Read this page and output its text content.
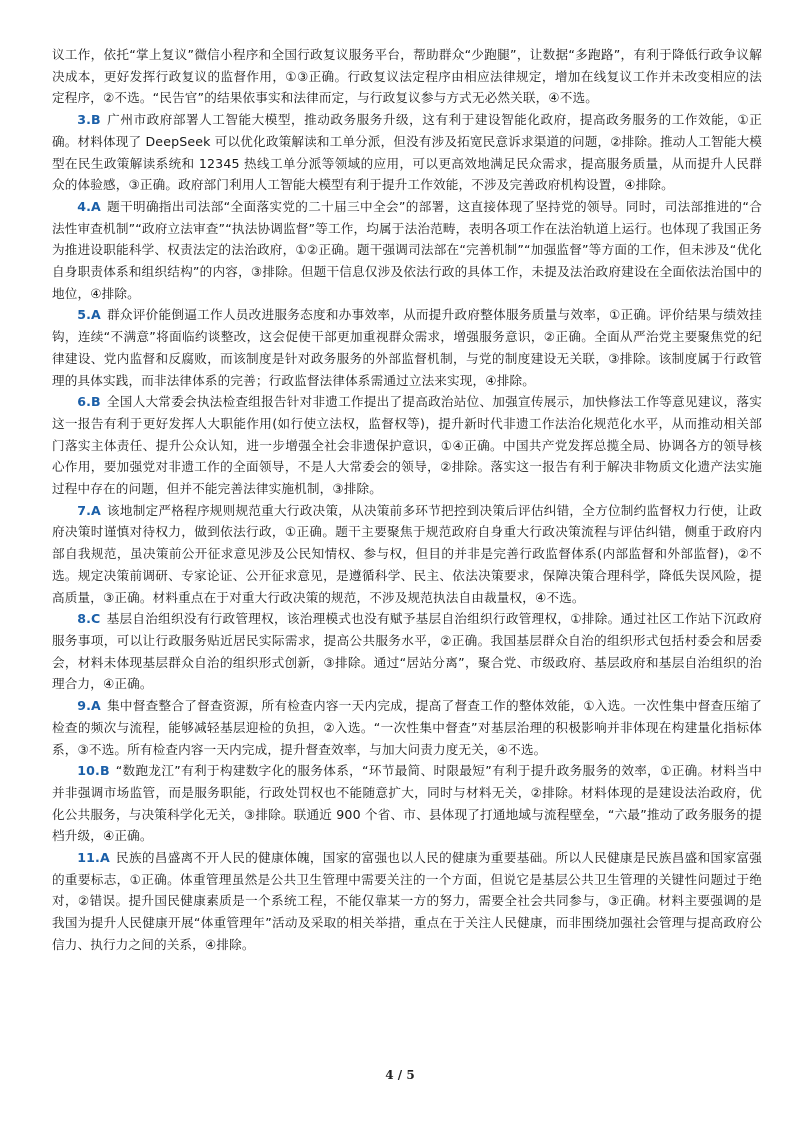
议工作，依托“掌上复议”微信小程序和全国行政复议服务平台，帮助群众“少跑腿”，让数据“多跑路”，有利于降低行政争议解决成本，更好发挥行政复议的监督作用，①③正确。行政复议法定程序由相应法律规定，增加在线复议工作并未改变相应的法定程序，②不选。“民告官”的结果依事实和法律而定，与行政复议参与方式无必然关联，④不选。

3.B 广州市政府部署人工智能大模型，推动政务服务升级，这有利于建设智能化政府，提高政务服务的工作效能，①正确。材料体现了 DeepSeek 可以优化政策解读和工单分派，但没有涉及拓宽民意诉求渠道的问题，②排除。推动人工智能大模型在民生政策解读系统和 12345 热线工单分派等领域的应用，可以更高效地满足民众需求，提高服务质量，从而提升人民群众的体验感，③正确。政府部门利用人工智能大模型有利于提升工作效能，不涉及完善政府机构设置，④排除。

4.A 题干明确指出司法部“全面落实党的二十届三中全会”的部署，这直接体现了坚持党的领导。同时，司法部推进的“合法性审查机制”“政府立法审查”“执法协调监督”等工作，均属于法治范畴，表明各项工作在法治轨道上运行。也体现了我国正务为推进设职能科学、权责法定的法治政府，①②正确。题干强调司法部在“完善机制”“加强监督”等方面的工作，但未涉及“优化自身职责体系和组织结构”的内容，③排除。但题干信息仅涉及依法行政的具体工作，未提及法治政府建设在全面依法治国中的地位，④排除。

5.A 群众评价能倒逼工作人员改进服务态度和办事效率，从而提升政府整体服务质量与效率，①正确。评价结果与绩效挂钩，连续“不满意”将面临约谈整改，这会促使干部更加重视群众需求，增强服务意识，②正确。全面从严治党主要聚焦党的纪律建设、党内监督和反腐败，而该制度是针对政务服务的外部监督机制，与党的制度建设无关联，③排除。该制度属于行政管理的具体实践，而非法律体系的完善；行政监督法律体系需通过立法来实现，④排除。

6.B 全国人大常委会执法检查组报告针对非遗工作提出了提高政治站位、加强宣传展示，加快修法工作等意见建议，落实这一报告有利于更好发挥人大职能作用(如行使立法权，监督权等)，提升新时代非遗工作法治化规范化水平，从而推动相关部门落实主体责任、提升公众认知，进一步增强全社会非遗保护意识，①④正确。中国共产党发挥总揽全局、协调各方的领导核心作用，要加强党对非遗工作的全面领导，不是人大常委会的领导，②排除。落实这一报告有利于解决非物质文化遗产法实施过程中存在的问题，但并不能完善法律实施机制，③排除。

7.A 该地制定严格程序规则规范重大行政决策，从决策前多环节把控到决策后评估纠错，全方位制约监督权力行使，让政府决策时谨慎对待权力，做到依法行政，①正确。题干主要聚焦于规范政府自身重大行政决策流程与评估纠错，侧重于政府内部自我规范，虽决策前公开征求意见涉及公民知情权、参与权，但目的并非是完善行政监督体系(内部监督和外部监督)，②不选。规定决策前调研、专家论证、公开征求意见，是遵循科学、民主、依法决策要求，保障决策合理科学，降低失误风险，提高质量，③正确。材料重点在于对重大行政决策的规范，不涉及规范执法自由裁量权，④不选。

8.C 基层自治组织没有行政管理权，该治理模式也没有赋予基层自治组织行政管理权，①排除。通过社区工作站下沉政府服务事项，可以让行政服务贴近居民实际需求，提高公共服务水平，②正确。我国基层群众自治的组织形式包括村委会和居委会，材料未体现基层群众自治的组织形式创新，③排除。通过“居站分离”，聚合党、市级政府、基层政府和基层自治组织的治理合力，④正确。

9.A 集中督查整合了督查资源，所有检查内容一天内完成，提高了督查工作的整体效能，①入选。一次性集中督查压缩了检查的频次与流程，能够减轻基层迎检的负担，②入选。“一次性集中督查”对基层治理的积极影响并非体现在构建量化指标体系，③不选。所有检查内容一天内完成，提升督查效率，与加大问责力度无关，④不选。

10.B “数跑龙江”有利于构建数字化的服务体系，“环节最简、时限最短”有利于提升政务服务的效率，①正确。材料当中并非强调市场监管，而是服务职能，行政处罚权也不能随意扩大，同时与材料无关，②排除。材料体现的是建设法治政府，优化公共服务，与决策科学化无关，③排除。联通近 900 个省、市、县体现了打通地域与流程壁垒，“六最”推动了政务服务的提档升级，④正确。

11.A 民族的昌盛离不开人民的健康体魄，国家的富强也以人民的健康为重要基础。所以人民健康是民族昌盛和国家富强的重要标志，①正确。体重管理虽然是公共卫生管理中需要关注的一个方面，但说它是基层公共卫生管理的关键性问题过于绝对，②错误。提升国民健康素质是一个系统工程，不能仅靠某一方的努力，需要全社会共同参与，③正确。材料主要强调的是我国为提升人民健康开展“体重管理年”活动及采取的相关举措，重点在于关注人民健康，而非围绕加强社会管理与提高政府公信力、执行力之间的关系，④排除。

4 / 5
